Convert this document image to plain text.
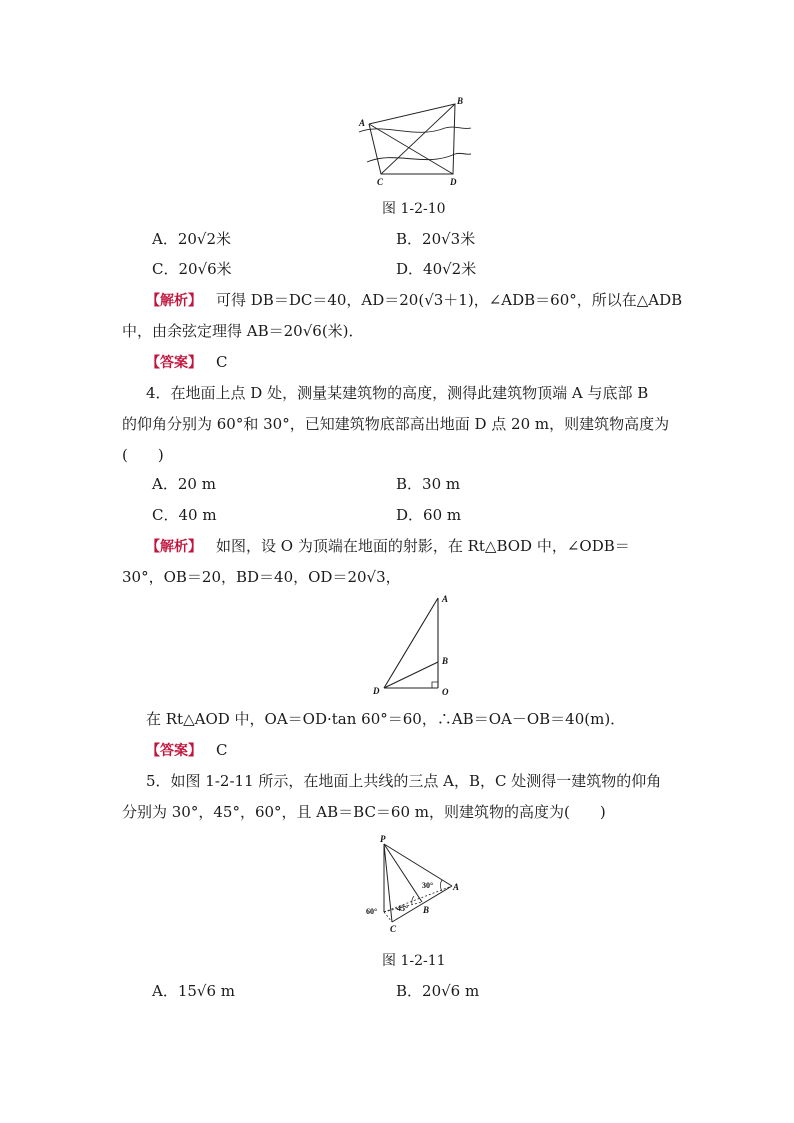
A
B
C	D
图 1-2-10
A．20√2米	B．20√3米
C．20√6米	D．40√2米
【解析】 可得 DB＝DC＝40，AD＝20(√3＋1)，∠ADB＝60°，所以在△ADB
中，由余弦定理得 AB＝20√6(米)．
【答案】 C
4．在地面上点 D 处，测量某建筑物的高度，测得此建筑物顶端 A 与底部 B
的仰角分别为 60°和 30°，已知建筑物底部高出地面 D 点 20 m，则建筑物高度为
(　　)
A．20 m	B．30 m
C．40 m	D．60 m
【解析】 如图，设 O 为顶端在地面的射影，在 Rt△BOD 中，∠ODB＝
30°，OB＝20，BD＝40，OD＝20√3，
A
B
D	O
在 Rt△AOD 中，OA＝OD·tan 60°＝60，∴AB＝OA－OB＝40(m)．
【答案】 C
5．如图 1-2-11 所示，在地面上共线的三点 A，B，C 处测得一建筑物的仰角
分别为 30°，45°，60°，且 AB＝BC＝60 m，则建筑物的高度为(　　)
P
A
B
C
30°
45°
60°
图 1-2-11
A．15√6 m	B．20√6 m
